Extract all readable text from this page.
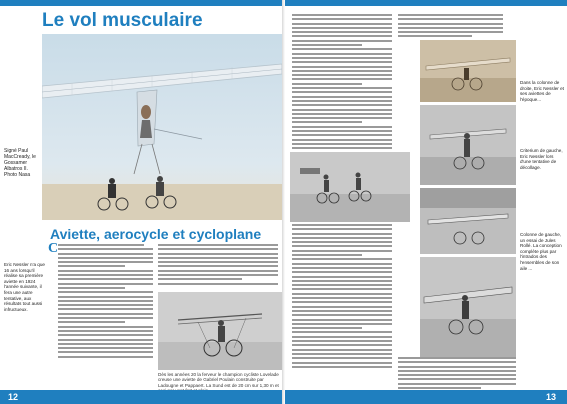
Le vol musculaire
Signé Paul MacCready, le Gossamer Albatros II. Photo Nasa
Aviette, aerocycle et cycloplane
C
Dès les années 20 la ferveur le champion cycliste Lovelade creuse une aviette de Gabriel Poulain construite par Ladougne et Pappaert. La Sund est de 20 cm sur 1,30 m et
Eric Nessler n'a que 16 ans lorsqu'il réalise sa première aviette en 1924 l'année suivante, il fera une autre tentative, aux résultats tout aussi infructueux.
12
Dans la colonne de droite, Eric Nessler et ses aviettes de l'époque...
Criterium de gauche, Eric Nessler lors d'une tentative de décollage.
Colonne de gauche, un essai de Jules Rollé. La conception complète plus par l'intrados des l'ensembles de son aile ...
13
